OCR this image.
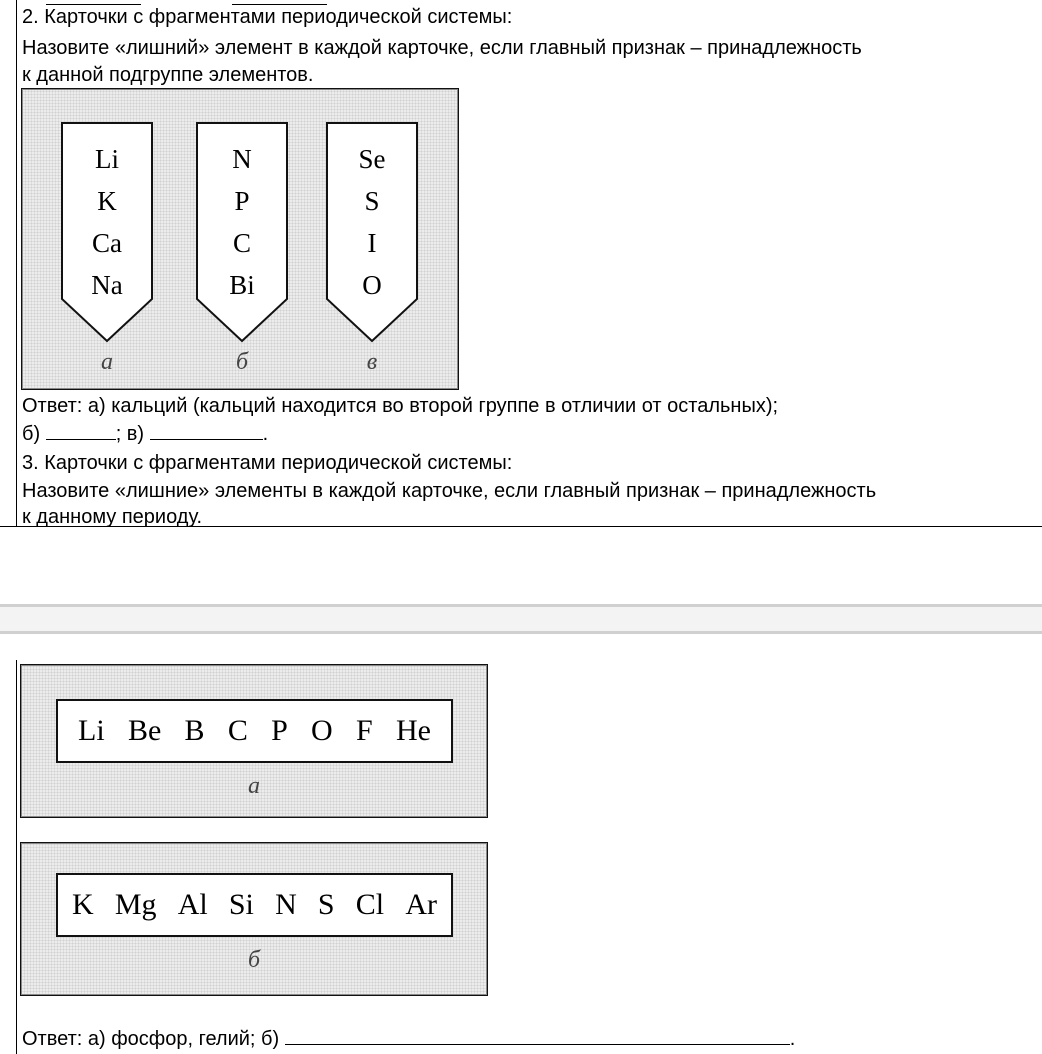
2. Карточки с фрагментами периодической системы:
Назовите «лишний» элемент в каждой карточке, если главный признак – принадлежность
к данной подгруппе элементов.
Li
K
Ca
Na
а
N
P
C
Bi
б
Se
S
I
O
в
Ответ: а) кальций (кальций находится во второй группе в отличии от остальных);
б)	; в)	.
3. Карточки с фрагментами периодической системы:
Назовите «лишние» элементы в каждой карточке, если главный признак – принадлежность
к данному периоду.
Li Be B C P O F He
а
K Mg Al Si N S Cl Ar
б
Ответ: а) фосфор, гелий; б)	.
